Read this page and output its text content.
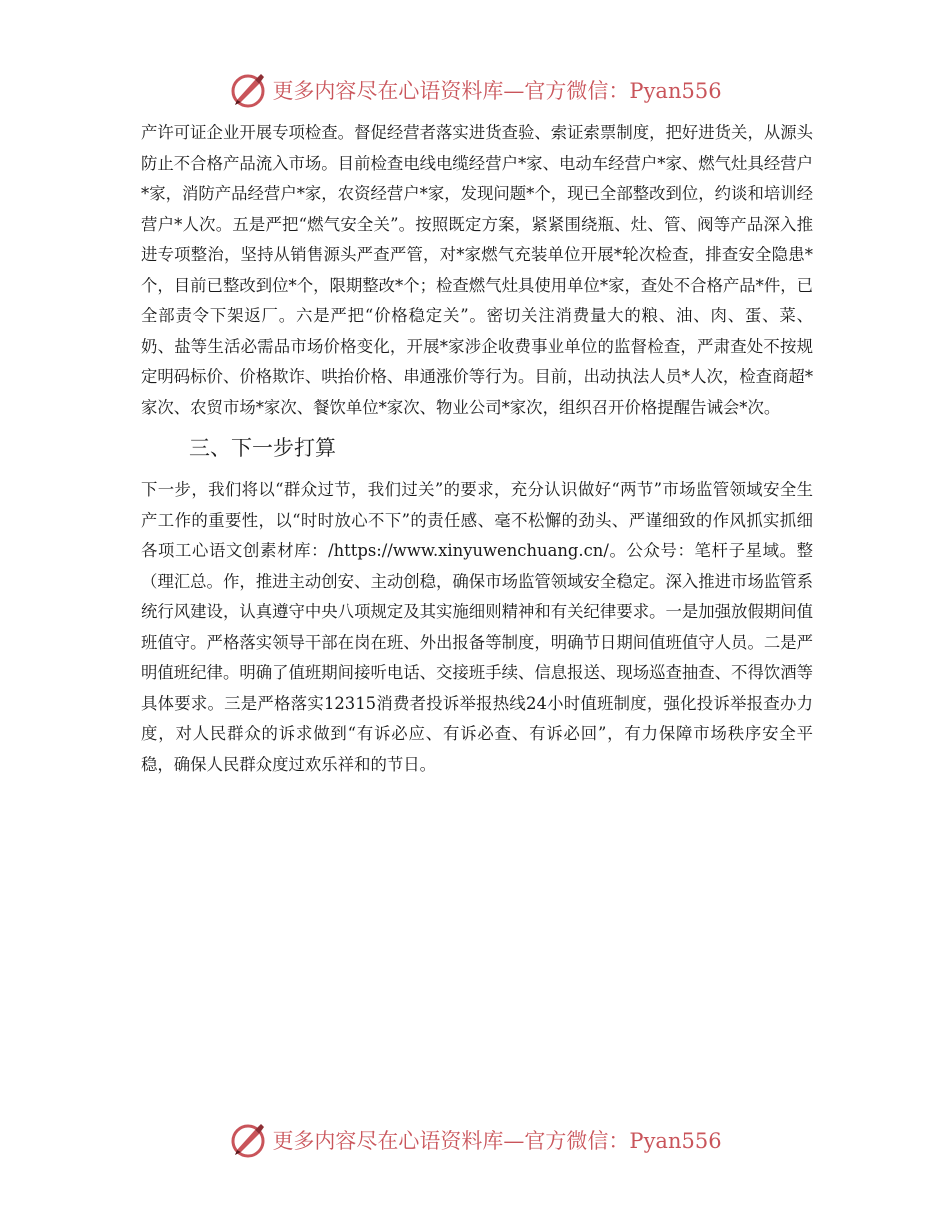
更多内容尽在心语资料库—官方微信：Pyan556

产许可证企业开展专项检查。督促经营者落实进货查验、索证索票制度，把好进货关，从源头防止不合格产品流入市场。目前检查电线电缆经营户*家、电动车经营户*家、燃气灶具经营户*家，消防产品经营户*家，农资经营户*家，发现问题*个，现已全部整改到位，约谈和培训经营户*人次。五是严把“燃气安全关”。按照既定方案，紧紧围绕瓶、灶、管、阀等产品深入推进专项整治，坚持从销售源头严查严管，对*家燃气充装单位开展*轮次检查，排查安全隐患*个，目前已整改到位*个，限期整改*个；检查燃气灶具使用单位*家，查处不合格产品*件，已全部责令下架返厂。六是严把“价格稳定关”。密切关注消费量大的粮、油、肉、蛋、菜、奶、盐等生活必需品市场价格变化，开展*家涉企收费事业单位的监督检查，严肃查处不按规定明码标价、价格欺诈、哄抬价格、串通涨价等行为。目前，出动执法人员*人次，检查商超*家次、农贸市场*家次、餐饮单位*家次、物业公司*家次，组织召开价格提醒告诫会*次。

三、下一步打算

下一步，我们将以“群众过节，我们过关”的要求，充分认识做好“两节”市场监管领域安全生产工作的重要性，以“时时放心不下”的责任感、毫不松懈的劲头、严谨细致的作风抓实抓细各项工心语文创素材库：/https://www.xinyuwenchuang.cn/。公众号：笔杆子星域。整（理汇总。作，推进主动创安、主动创稳，确保市场监管领域安全稳定。深入推进市场监管系统行风建设，认真遵守中央八项规定及其实施细则精神和有关纪律要求。一是加强放假期间值班值守。严格落实领导干部在岗在班、外出报备等制度，明确节日期间值班值守人员。二是严明值班纪律。明确了值班期间接听电话、交接班手续、信息报送、现场巡查抽查、不得饮酒等具体要求。三是严格落实12315消费者投诉举报热线24小时值班制度，强化投诉举报查办力度，对人民群众的诉求做到“有诉必应、有诉必查、有诉必回”，有力保障市场秩序安全平稳，确保人民群众度过欢乐祥和的节日。

更多内容尽在心语资料库—官方微信：Pyan556
